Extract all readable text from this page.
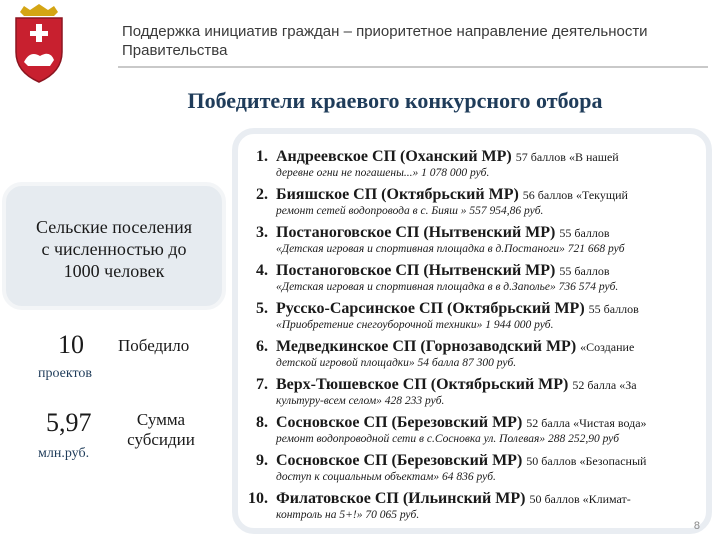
Поддержка инициатив граждан – приоритетное направление деятельности
Правительства
Победители краевого конкурсного отбора
Сельские поселения
с численностью до
1000 человек
10 Победило
проектов
5,97	Сумма
субсидии
млн.руб.
1. Андреевское СП (Оханский МР) 57 баллов «В нашей
деревне огни не погашены...» 1 078 000 руб.
2. Бияшское СП (Октябрьский МР) 56 баллов «Текущий
ремонт сетей водопровода в с. Бияш » 557 954,86 руб.
3. Постаноговское СП (Нытвенский МР) 55 баллов
«Детская игровая и спортивная площадка в д.Постаноги» 721 668 руб
4. Постаноговское СП (Нытвенский МР) 55 баллов
«Детская игровая и спортивная площадка в в д.Заполье» 736 574 руб.
5. Русско-Сарсинское СП (Октябрьский МР) 55 баллов
«Приобретение снегоуборочной техники» 1 944 000 руб.
6. Медведкинское СП (Горнозаводский МР) «Создание
детской игровой площадки» 54 балла 87 300 руб.
7. Верх-Тюшевское СП (Октябрьский МР) 52 балла «За
культуру-всем селом» 428 233 руб.
8. Сосновское СП (Березовский МР) 52 балла «Чистая вода»
ремонт водопроводной сети в с.Сосновка ул. Полевая» 288 252,90 руб
9. Сосновское СП (Березовский МР) 50 баллов «Безопасный
доступ к социальным объектам» 64 836 руб.
10. Филатовское СП (Ильинский МР) 50 баллов «Климат-
контроль на 5+!» 70 065 руб.
8
